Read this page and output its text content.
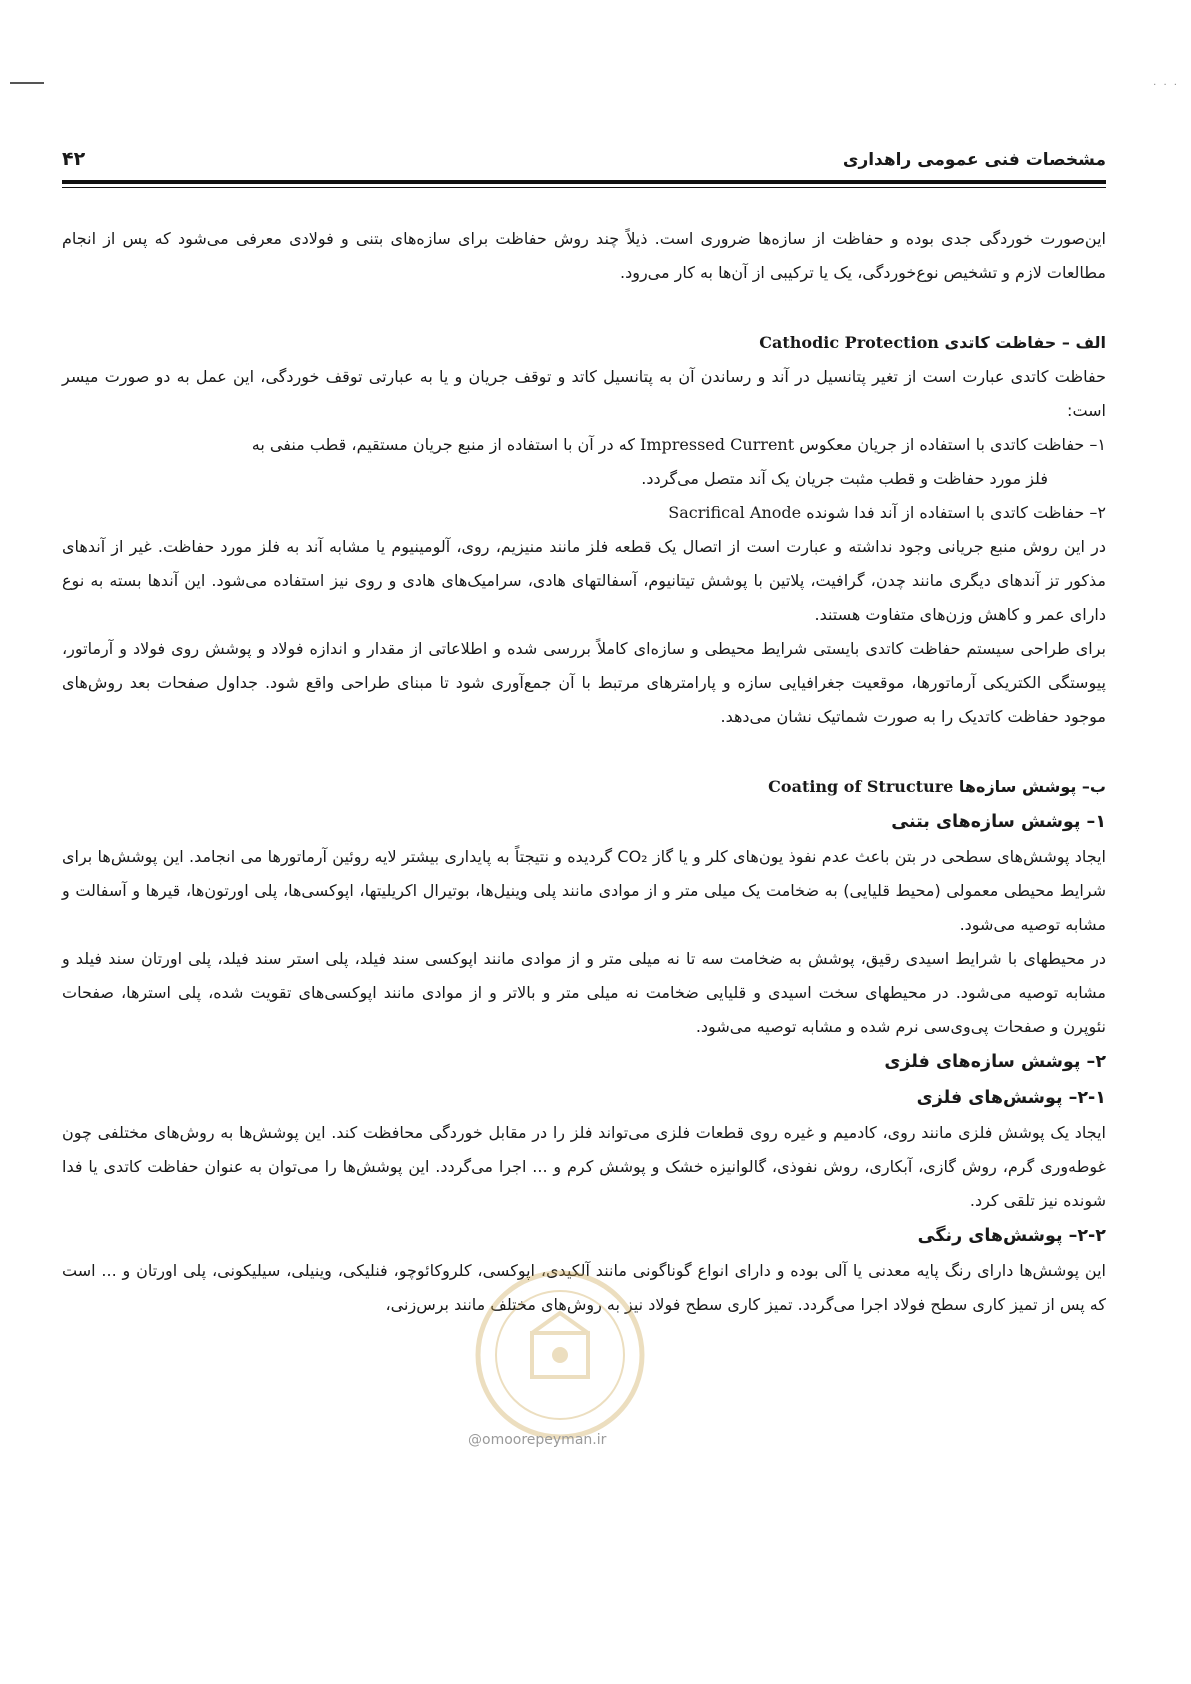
· · ·
مشخصات فنی عمومی راهداری
۴۲

این‌صورت خوردگی جدی بوده و حفاظت از سازه‌ها ضروری است. ذیلاً چند روش حفاظت برای سازه‌های بتنی و فولادی معرفی می‌شود که پس از انجام مطالعات لازم و تشخیص نوع‌خوردگی، یک یا ترکیبی از آن‌ها به کار می‌رود.

الف – حفاظت کاتدی Cathodic Protection

حفاظت کاتدی عبارت است از تغیر پتانسیل در آند و رساندن آن به پتانسیل کاتد و توقف جریان و یا به عبارتی توقف خوردگی، این عمل به دو صورت میسر است:

۱– حفاظت کاتدی با استفاده از جریان معکوس Impressed Current که در آن با استفاده از منبع جریان مستقیم، قطب منفی به

فلز مورد حفاظت و قطب مثبت جریان یک آند متصل می‌گردد.

۲– حفاظت کاتدی با استفاده از آند فدا شونده Sacrifical Anode

در این روش منبع جریانی وجود نداشته و عبارت است از اتصال یک قطعه فلز مانند منیزیم، روی، آلومینیوم یا مشابه آند به فلز مورد حفاظت. غیر از آندهای مذکور تز آندهای دیگری مانند چدن، گرافیت، پلاتین با پوشش تیتانیوم، آسفالتهای هادی، سرامیک‌های هادی و روی نیز استفاده می‌شود. این آندها بسته به نوع دارای عمر و کاهش وزن‌های متفاوت هستند.

برای طراحی سیستم حفاظت کاتدی بایستی شرایط محیطی و سازه‌ای کاملاً بررسی شده و اطلاعاتی از مقدار و اندازه فولاد و پوشش روی فولاد و آرماتور، پیوستگی الکتریکی آرماتورها، موقعیت جغرافیایی سازه و پارامترهای مرتبط با آن جمع‌آوری شود تا مبنای طراحی واقع شود. جداول صفحات بعد روش‌های موجود حفاظت کاتدیک را به صورت شماتیک نشان می‌دهد.

ب– پوشش سازه‌ها Coating of Structure
۱– پوشش سازه‌های بتنی

ایجاد پوشش‌های سطحی در بتن باعث عدم نفوذ یون‌های کلر و یا گاز CO₂ گردیده و نتیجتاً به پایداری بیشتر لایه روئین آرماتورها می انجامد. این پوشش‌ها برای شرایط محیطی معمولی (محیط قلیایی) به ضخامت یک میلی متر و از موادی مانند پلی وینیل‌ها، بوتیرال اکریلیتها، اپوکسی‌ها، پلی اورتون‌ها، قیرها و آسفالت و مشابه توصیه می‌شود.

در محیطهای با شرایط اسیدی رقیق، پوشش به ضخامت سه تا نه میلی متر و از موادی مانند اپوکسی سند فیلد، پلی استر سند فیلد، پلی اورتان سند فیلد و مشابه توصیه می‌شود. در محیطهای سخت اسیدی و قلیایی ضخامت نه میلی متر و بالاتر و از موادی مانند اپوکسی‌های تقویت شده، پلی استرها، صفحات نئوپرن و صفحات پی‌وی‌سی نرم شده و مشابه توصیه می‌شود.

۲– پوشش سازه‌های فلزی
۲-۱– پوشش‌های فلزی

ایجاد یک پوشش فلزی مانند روی، کادمیم و غیره روی قطعات فلزی می‌تواند فلز را در مقابل خوردگی محافظت کند. این پوشش‌ها به روش‌های مختلفی چون غوطه‌وری گرم، روش گازی، آبکاری، روش نفوذی، گالوانیزه خشک و پوشش کرم و ... اجرا می‌گردد. این پوشش‌ها را می‌توان به عنوان حفاظت کاتدی یا فدا شونده نیز تلقی کرد.

۲-۲– پوشش‌های رنگی

این پوشش‌ها دارای رنگ پایه معدنی یا آلی بوده و دارای انواع گوناگونی مانند آلکیدی، اپوکسی، کلروکائوچو، فنلیکی، وینیلی، سیلیکونی، پلی اورتان و ... است که پس از تمیز کاری سطح فولاد اجرا می‌گردد. تمیز کاری سطح فولاد نیز به روش‌های مختلف مانند برس‌زنی،

@omoorepeyman.ir
